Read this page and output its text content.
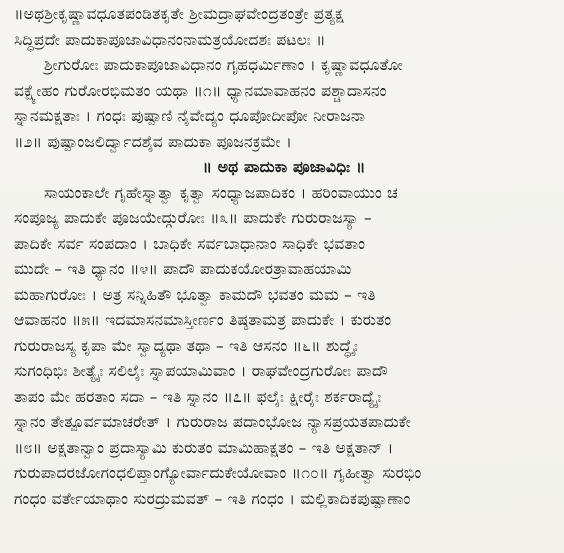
॥ಅಥಶ್ರೀಕೃಷ್ಣಾವಧೂತಪಂಡಿತಕೃತೇ ಶ್ರೀಮದ್ರಾಘವೇಂದ್ರತಂತ್ರೇ ಪ್ರತ್ಯಕ್ಷ
ಸಿದ್ಧಿಪ್ರದೇ ಪಾದುಕಾಪೂಜಾವಿಧಾನಂನಾಮತ್ರಯೋದಶಃ ಪಟಲಃ ॥
ಶ್ರೀಗುರೋಃ ಪಾದುಕಾಪೂಜಾವಿಧಾನಂ ಗೃಹಧರ್ಮಿಣಾಂ । ಕೃಷ್ಣಾವಧೂತೋ
ವಕ್ಷ್ಯೇಹಂ ಗುರೋರಭಿಮತಂ ಯಥಾ ॥೧॥ ಧ್ಯಾನಮಾವಾಹನಂ ಪಶ್ಚಾದಾಸನಂ
ಸ್ನಾನಮಕ್ಷತಾಃ । ಗಂಧಃ ಪುಷ್ಪಾಣಿ ನೈವೇದ್ಯಂ ಧೂಪೋದೀಪೋ ನೀರಾಜನಾ
॥೨॥ ಪುಷ್ಪಾಂಜಲಿರ್ದ್ವಾದಶೈವ ಪಾದುಕಾ ಪೂಜನಕ್ರಮೇ ।
॥ ಅಥ ಪಾದುಕಾ ಪೂಜಾವಿಧಿಃ ॥
ಸಾಯಂಕಾಲೇ ಗೃಹೇಸ್ನಾತ್ವಾ ಕೃತ್ವಾ ಸಂಧ್ಯಾಜಪಾದಿಕಂ । ಹರಿಂವಾಯುಂ ಚ
ಸಂಪೂಜ್ಯ ಪಾದುಕೇ ಪೂಜಯೇದ್ಗುರೋಃ ॥೩॥ ಪಾದುಕೇ ಗುರುರಾಜಸ್ಯಾ –
ಪಾದಿಕೇ ಸರ್ವ ಸಂಪದಾಂ । ಬಾಧಿಕೇ ಸರ್ವಬಾಧಾನಾಂ ಸಾಧಿಕೇ ಭವತಾಂ
ಮುದೇ – ಇತಿ ಧ್ಯಾನಂ ॥೪॥ ಪಾದೌ ಪಾದುಕಯೋರತ್ರಾವಾಹಯಾಮಿ
ಮಹಾಗುರೋಃ । ಅತ್ರ ಸನ್ನಿಹಿತೌ ಭೂತ್ವಾ ಕಾಮದೌ ಭವತಂ ಮಮ – ಇತಿ
ಆವಾಹನಂ ॥೫॥ ಇದಮಾಸನಮಾಸ್ತೀರ್ಣಂ ತಿಷ್ಠತಾಮತ್ರ ಪಾದುಕೇ । ಕುರುತಂ
ಗುರುರಾಜಸ್ಯ ಕೃಪಾ ಮೇ ಸ್ವಾದ್ಯಥಾ ತಥಾ – ಇತಿ ಆಸನಂ ॥೬॥ ಶುದ್ಧೈಃ
ಸುಗಂಧಿಭಿಃ ಶೀತ್ಯೈಃ ಸಲಿಲೈಃ ಸ್ನಾಪಯಾಮಿವಾಂ । ರಾಘವೇಂದ್ರಗುರೋಃ ಪಾದೌ
ತಾಪಂ ಮೇ ಹರತಾಂ ಸದಾ – ಇತಿ ಸ್ನಾನಂ ॥೭॥ ಫಲೈಃ ಕ್ಷೀರೈಃ ಶರ್ಕರಾದ್ಯೈಃ
ಸ್ನಾನಂ ತೇತ್ಪೂರ್ವಮಾಚರೇತ್ । ಗುರುರಾಜ ಪದಾಂಭೋಜ ನ್ಯಾಸಪ್ರಯತಪಾದುಕೇ
॥೮॥ ಅಕ್ಷತಾನ್ವಾಂ ಪ್ರದಾಸ್ಯಾಮಿ ಕುರುತಂ ಮಾಮಿಹಾಕ್ಷತಂ – ಇತಿ ಅಕ್ಷತಾನ್ ।
ಗುರುಪಾದರಜೋಗಂಧಲಿಪ್ತಾಂಗ್ಯೋರ್ವಾದುಕೇಯೋವಾಂ ॥೧೦॥ ಗೃಹೀತ್ವಾ ಸುರಭಿಂ
ಗಂಧಂ ವರ್ತೇಯಾಥಾಂ ಸುರದ್ರುಮವತ್ – ಇತಿ ಗಂಧಂ । ಮಲ್ಲಿಕಾದಿಕಪುಷ್ಪಾಣಾಂ
